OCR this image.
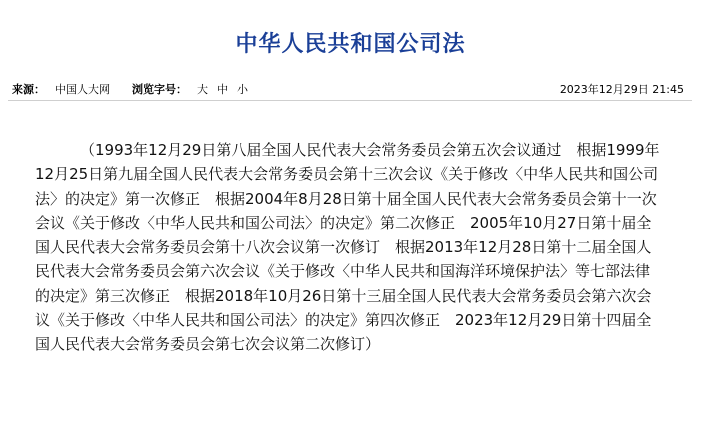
中华人民共和国公司法
来源： 中国人大网 浏览字号： 大 中 小	2023年12月29日 21:45

（1993年12月29日第八届全国人民代表大会常务委员会第五次会议通过　根据1999年12月25日第九届全国人民代表大会常务委员会第十三次会议《关于修改〈中华人民共和国公司法〉的决定》第一次修正　根据2004年8月28日第十届全国人民代表大会常务委员会第十一次会议《关于修改〈中华人民共和国公司法〉的决定》第二次修正　2005年10月27日第十届全国人民代表大会常务委员会第十八次会议第一次修订　根据2013年12月28日第十二届全国人民代表大会常务委员会第六次会议《关于修改〈中华人民共和国海洋环境保护法〉等七部法律的决定》第三次修正　根据2018年10月26日第十三届全国人民代表大会常务委员会第六次会议《关于修改〈中华人民共和国公司法〉的决定》第四次修正　2023年12月29日第十四届全国人民代表大会常务委员会第七次会议第二次修订）
